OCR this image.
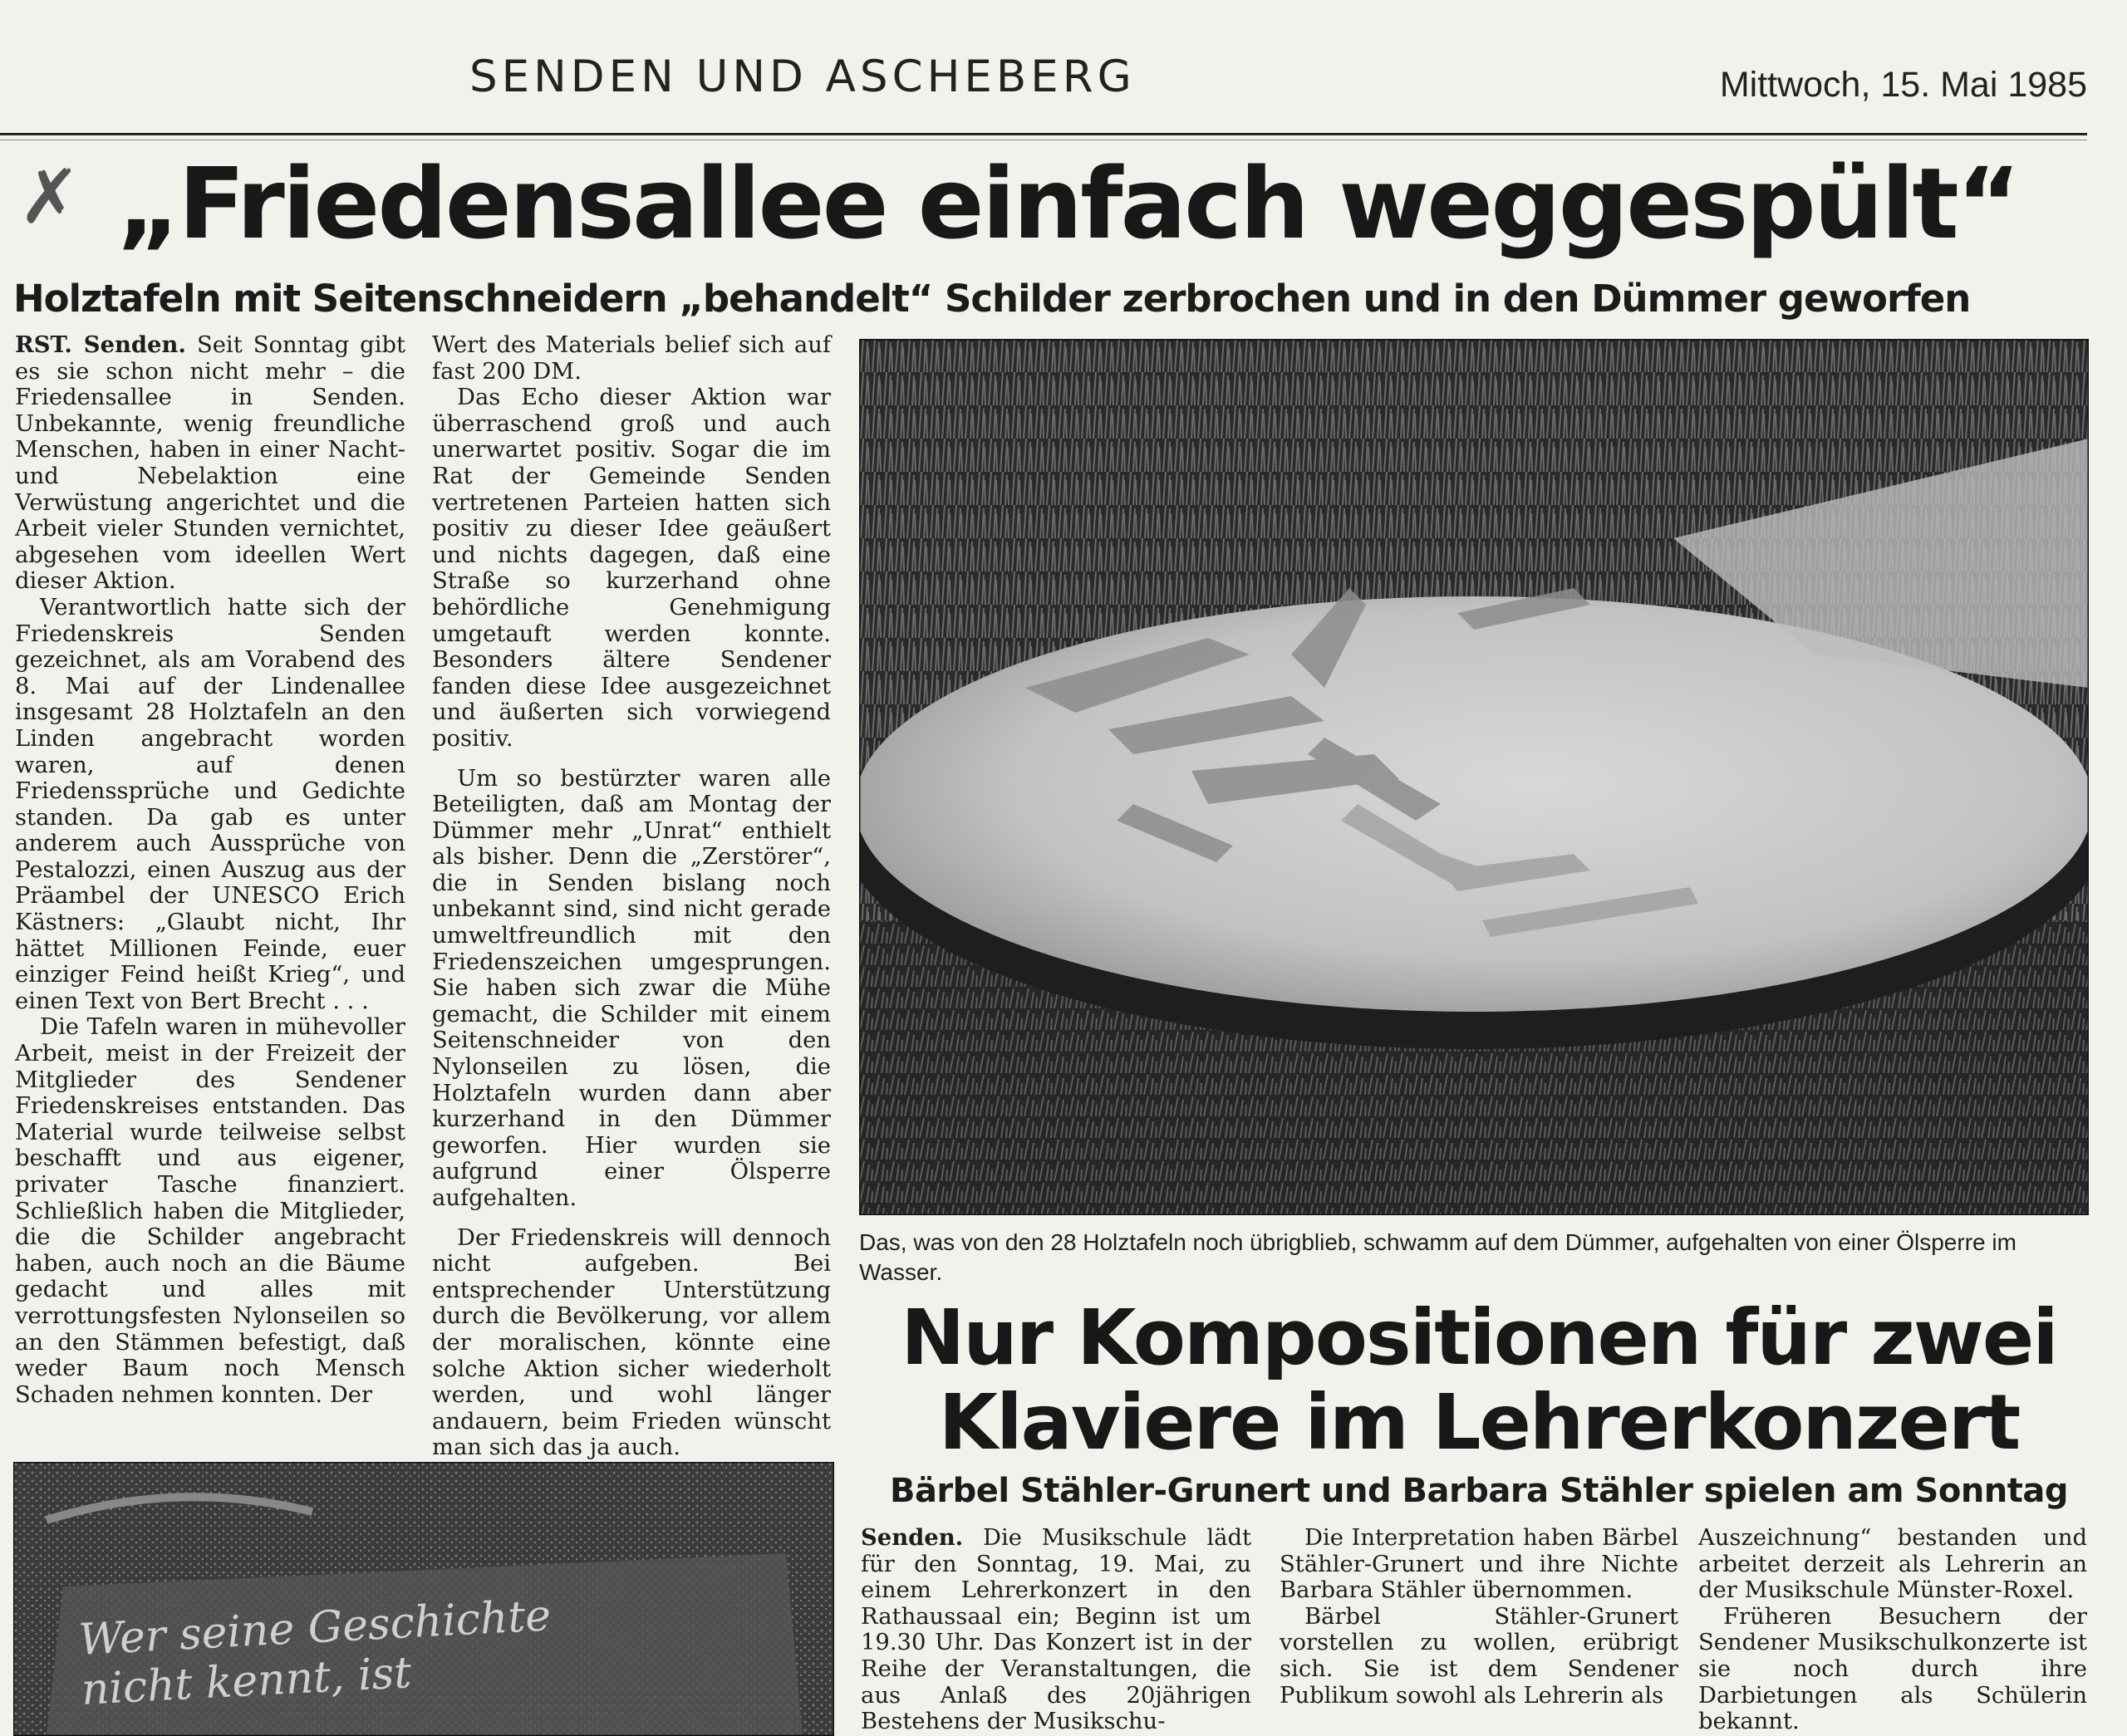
SENDEN UND ASCHEBERG	Mittwoch, 15. Mai 1985
✗ „Friedensallee einfach weggespült“
Holztafeln mit Seitenschneidern „behandelt“ Schilder zerbrochen und in den Dümmer geworfen

RST. Senden. Seit Sonntag gibt es sie schon nicht mehr – die Friedensallee in Senden. Unbekannte, wenig freundliche Menschen, haben in einer Nacht- und Nebelaktion eine Verwüstung angerichtet und die Arbeit vieler Stunden vernichtet, abgesehen vom ideellen Wert dieser Aktion.

Verantwortlich hatte sich der Friedenskreis Senden gezeichnet, als am Vorabend des 8. Mai auf der Lindenallee insgesamt 28 Holztafeln an den Linden angebracht worden waren, auf denen Friedenssprüche und Gedichte standen. Da gab es unter anderem auch Aussprüche von Pestalozzi, einen Auszug aus der Präambel der UNESCO Erich Kästners: „Glaubt nicht, Ihr hättet Millionen Feinde, euer einziger Feind heißt Krieg“, und einen Text von Bert Brecht . . .

Die Tafeln waren in mühevoller Arbeit, meist in der Freizeit der Mitglieder des Sendener Friedenskreises entstanden. Das Material wurde teilweise selbst beschafft und aus eigener, privater Tasche finanziert. Schließlich haben die Mitglieder, die die Schilder angebracht haben, auch noch an die Bäume gedacht und alles mit verrottungsfesten Nylonseilen so an den Stämmen befestigt, daß weder Baum noch Mensch Schaden nehmen konnten. Der

Wert des Materials belief sich auf fast 200 DM.

Das Echo dieser Aktion war überraschend groß und auch unerwartet positiv. Sogar die im Rat der Gemeinde Senden vertretenen Parteien hatten sich positiv zu dieser Idee geäußert und nichts dagegen, daß eine Straße so kurzerhand ohne behördliche Genehmigung umgetauft werden konnte. Besonders ältere Sendener fanden diese Idee ausgezeichnet und äußerten sich vorwiegend positiv.

Um so bestürzter waren alle Beteiligten, daß am Montag der Dümmer mehr „Unrat“ enthielt als bisher. Denn die „Zerstörer“, die in Senden bislang noch unbekannt sind, sind nicht gerade umweltfreundlich mit den Friedenszeichen umgesprungen. Sie haben sich zwar die Mühe gemacht, die Schilder mit einem Seitenschneider von den Nylonseilen zu lösen, die Holztafeln wurden dann aber kurzerhand in den Dümmer geworfen. Hier wurden sie aufgrund einer Ölsperre aufgehalten.

Der Friedenskreis will dennoch nicht aufgeben. Bei entsprechender Unterstützung durch die Bevölkerung, vor allem der moralischen, könnte eine solche Aktion sicher wiederholt werden, und wohl länger andauern, beim Frieden wünscht man sich das ja auch.

Das, was von den 28 Holztafeln noch übrigblieb, schwamm auf dem Dümmer, aufgehalten von einer Ölsperre im Wasser.
Wer seine Geschichte
nicht kennt, ist
Nur Kompositionen für zwei
Klaviere im Lehrerkonzert
Bärbel Stähler-Grunert und Barbara Stähler spielen am Sonntag

Senden. Die Musikschule lädt für den Sonntag, 19. Mai, zu einem Lehrerkonzert in den Rathaussaal ein; Beginn ist um 19.30 Uhr. Das Konzert ist in der Reihe der Veranstaltungen, die aus Anlaß des 20jährigen Bestehens der Musikschu-

Die Interpretation haben Bärbel Stähler-Grunert und ihre Nichte Barbara Stähler übernommen.

Bärbel Stähler-Grunert vorstellen zu wollen, erübrigt sich. Sie ist dem Sendener Publikum sowohl als Lehrerin als

Auszeichnung“ bestanden und arbeitet derzeit als Lehrerin an der Musikschule Münster-Roxel.

Früheren Besuchern der Sendener Musikschulkonzerte ist sie noch durch ihre Darbietungen als Schülerin bekannt.
